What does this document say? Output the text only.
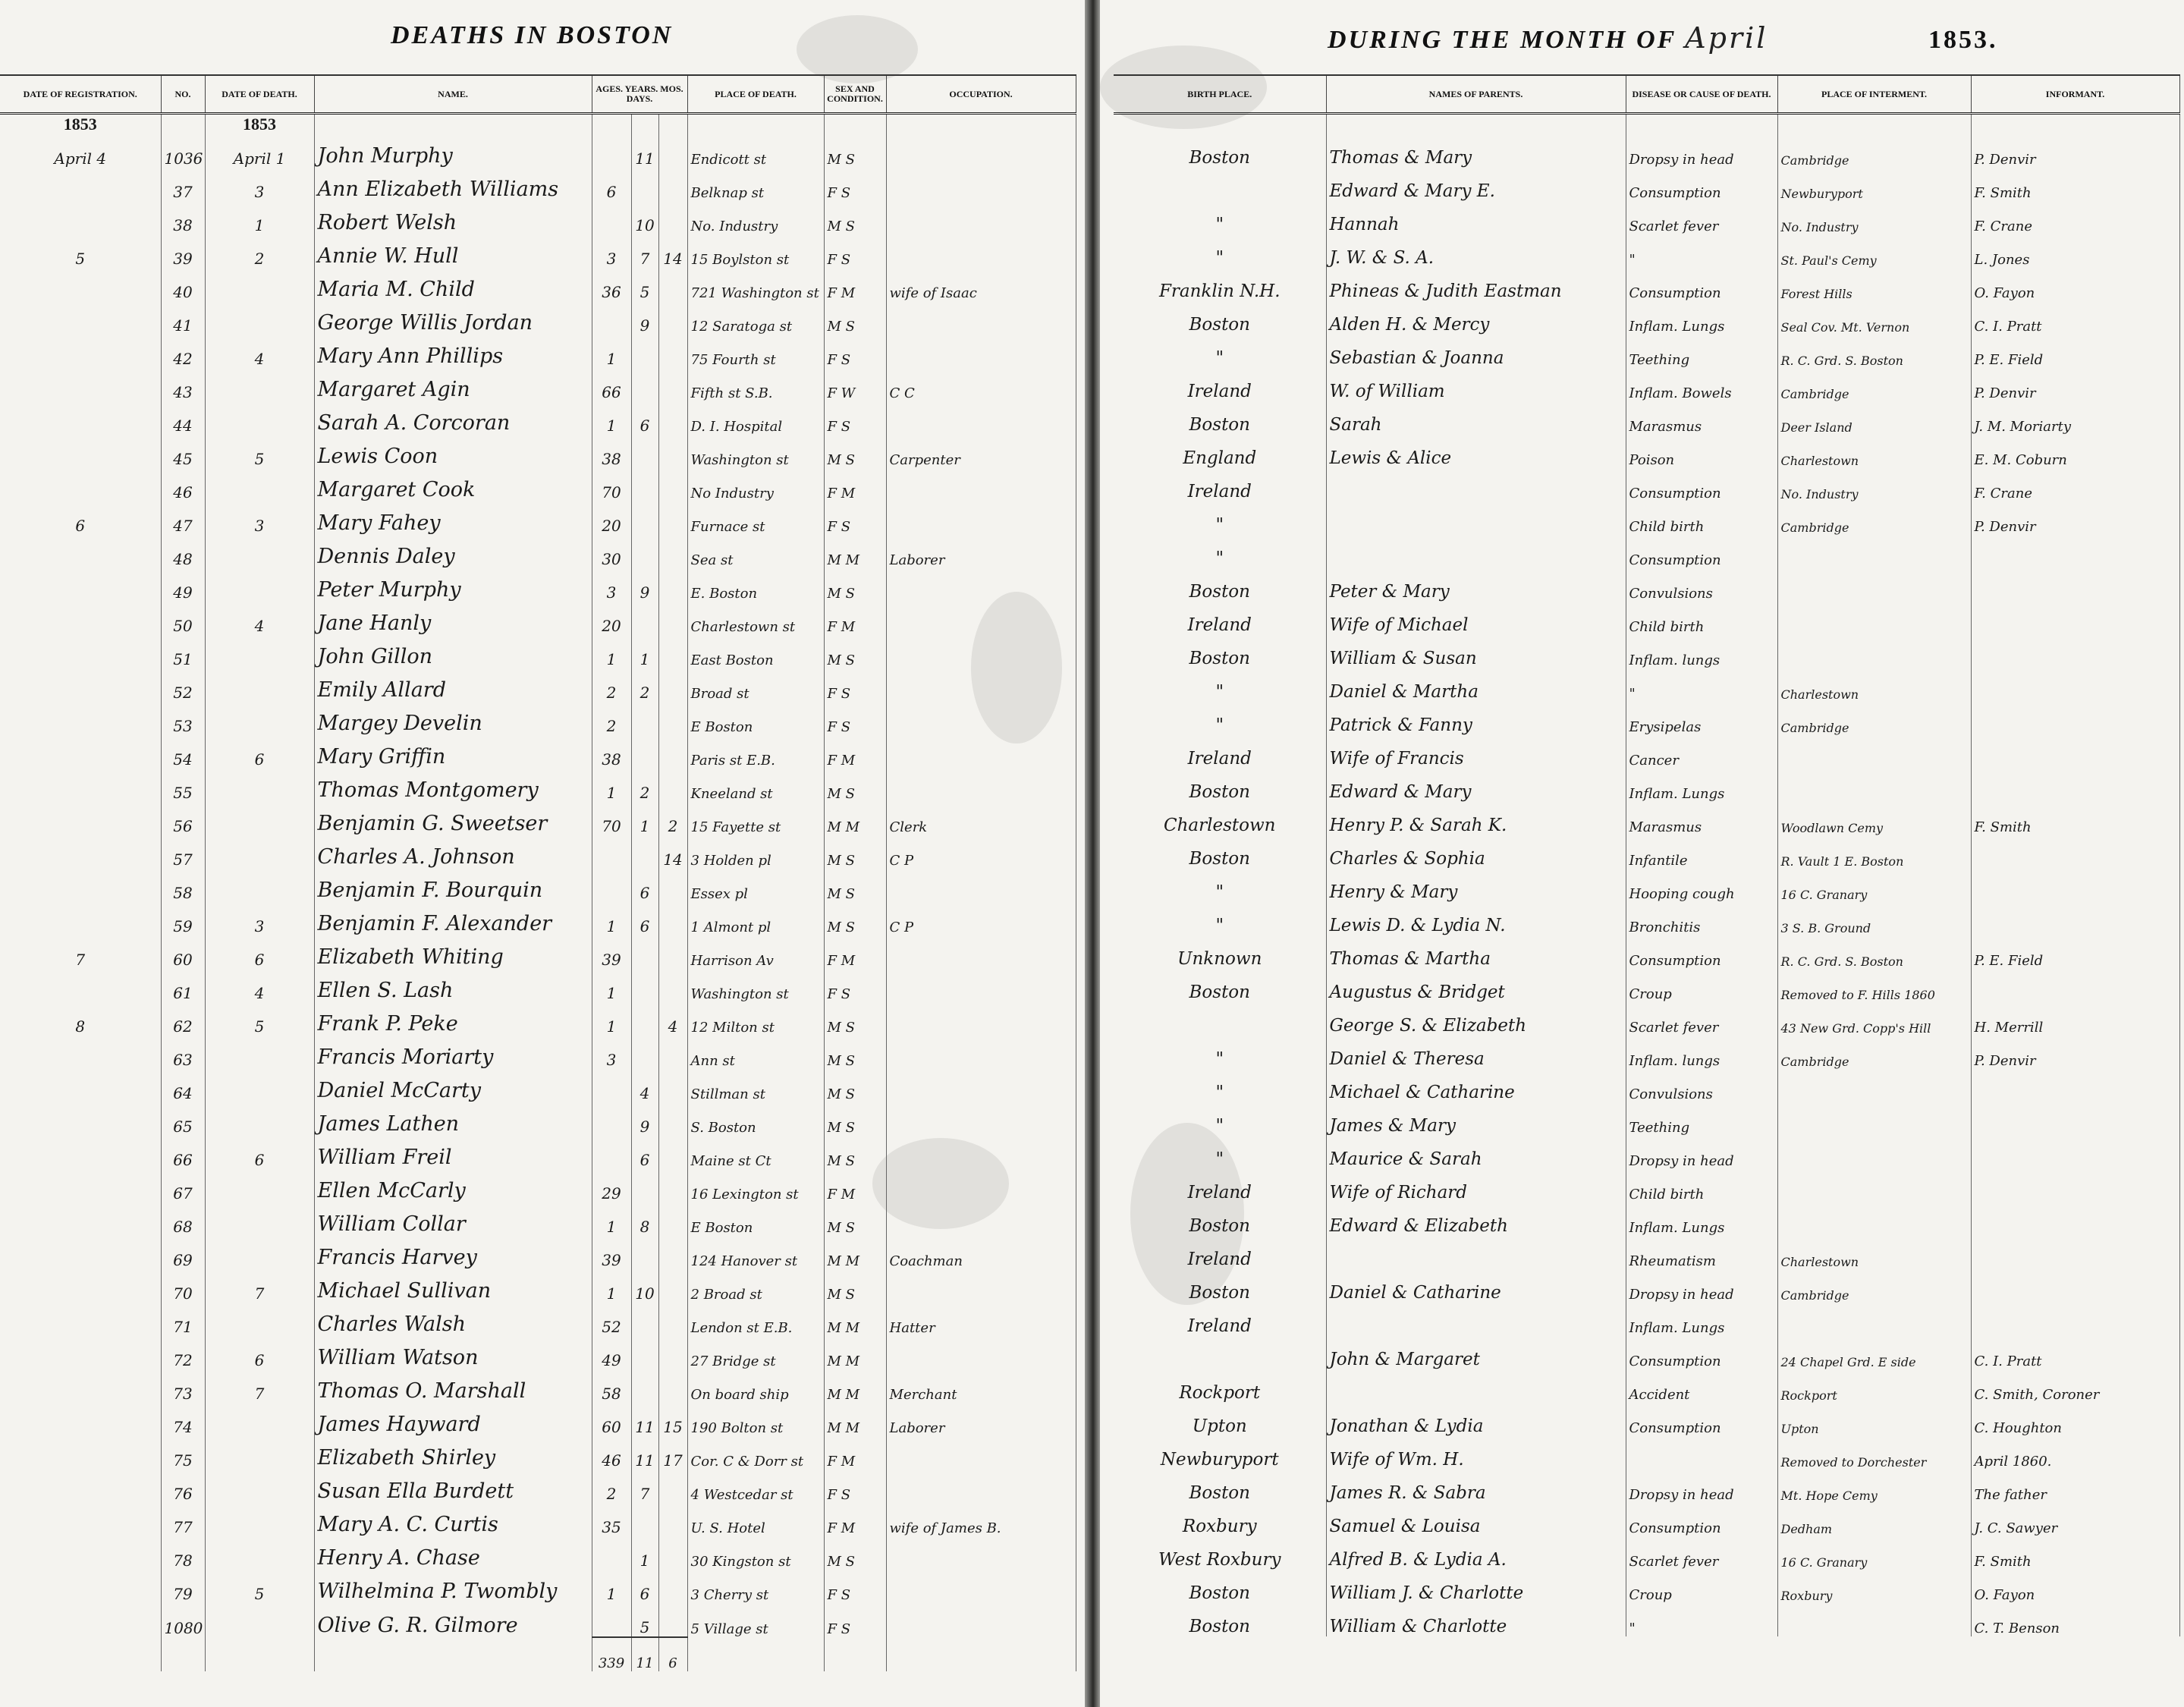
DEATHS IN BOSTON
DATE OF REGISTRATION.	NO.	DATE OF DEATH.	NAME.	AGES. YEARS. MOS. DAYS.			PLACE OF DEATH.	SEX AND CONDITION.	OCCUPATION.
1853		1853							
April 4	1036	April 1	John Murphy		11		Endicott st	M S	
	37	3	Ann Elizabeth Williams	6			Belknap st	F S	
	38	1	Robert Welsh		10		No. Industry	M S	
5	39	2	Annie W. Hull	3	7	14	15 Boylston st	F S	
	40		Maria M. Child	36	5		721 Washington st	F M	wife of Isaac
	41		George Willis Jordan		9		12 Saratoga st	M S	
	42	4	Mary Ann Phillips	1			75 Fourth st	F S	
	43		Margaret Agin	66			Fifth st S.B.	F W	C C
	44		Sarah A. Corcoran	1	6		D. I. Hospital	F S	
	45	5	Lewis Coon	38			Washington st	M S	Carpenter
	46		Margaret Cook	70			No Industry	F M	
6	47	3	Mary Fahey	20			Furnace st	F S	
	48		Dennis Daley	30			Sea st	M M	Laborer
	49		Peter Murphy	3	9		E. Boston	M S	
	50	4	Jane Hanly	20			Charlestown st	F M	
	51		John Gillon	1	1		East Boston	M S	
	52		Emily Allard	2	2		Broad st	F S	
	53		Margey Develin	2			E Boston	F S	
	54	6	Mary Griffin	38			Paris st E.B.	F M	
	55		Thomas Montgomery	1	2		Kneeland st	M S	
	56		Benjamin G. Sweetser	70	1	2	15 Fayette st	M M	Clerk
	57		Charles A. Johnson			14	3 Holden pl	M S	C P
	58		Benjamin F. Bourquin		6		Essex pl	M S	
	59	3	Benjamin F. Alexander	1	6		1 Almont pl	M S	C P
7	60	6	Elizabeth Whiting	39			Harrison Av	F M	
	61	4	Ellen S. Lash	1			Washington st	F S	
8	62	5	Frank P. Peke	1		4	12 Milton st	M S	
	63		Francis Moriarty	3			Ann st	M S	
	64		Daniel McCarty		4		Stillman st	M S	
	65		James Lathen		9		S. Boston	M S	
	66	6	William Freil		6		Maine st Ct	M S	
	67		Ellen McCarly	29			16 Lexington st	F M	
	68		William Collar	1	8		E Boston	M S	
	69		Francis Harvey	39			124 Hanover st	M M	Coachman
	70	7	Michael Sullivan	1	10		2 Broad st	M S	
	71		Charles Walsh	52			Lendon st E.B.	M M	Hatter
	72	6	William Watson	49			27 Bridge st	M M	
	73	7	Thomas O. Marshall	58			On board ship	M M	Merchant
	74		James Hayward	60	11	15	190 Bolton st	M M	Laborer
	75		Elizabeth Shirley	46	11	17	Cor. C & Dorr st	F M	
	76		Susan Ella Burdett	2	7		4 Westcedar st	F S	
	77		Mary A. C. Curtis	35			U. S. Hotel	F M	wife of James B.
	78		Henry A. Chase		1		30 Kingston st	M S	
	79	5	Wilhelmina P. Twombly	1	6		3 Cherry st	F S	
	1080		Olive G. R. Gilmore		5		5 Village st	F S	
				339	11	6			
DURING THE MONTH OF April	1853.
BIRTH PLACE.	NAMES OF PARENTS.	DISEASE OR CAUSE OF DEATH.	PLACE OF INTERMENT.	INFORMANT.

Boston	Thomas & Mary	Dropsy in head	Cambridge	P. Denvir
	Edward & Mary E.	Consumption	Newburyport	F. Smith
"	Hannah	Scarlet fever	No. Industry	F. Crane
"	J. W. & S. A.	"	St. Paul's Cemy	L. Jones
Franklin N.H.	Phineas & Judith Eastman	Consumption	Forest Hills	O. Fayon
Boston	Alden H. & Mercy	Inflam. Lungs	Seal Cov. Mt. Vernon	C. I. Pratt
"	Sebastian & Joanna	Teething	R. C. Grd. S. Boston	P. E. Field
Ireland	W. of William	Inflam. Bowels	Cambridge	P. Denvir
Boston	Sarah	Marasmus	Deer Island	J. M. Moriarty
England	Lewis & Alice	Poison	Charlestown	E. M. Coburn
Ireland		Consumption	No. Industry	F. Crane
"		Child birth	Cambridge	P. Denvir
"		Consumption		
Boston	Peter & Mary	Convulsions		
Ireland	Wife of Michael	Child birth		
Boston	William & Susan	Inflam. lungs		
"	Daniel & Martha	"	Charlestown	
"	Patrick & Fanny	Erysipelas	Cambridge	
Ireland	Wife of Francis	Cancer		
Boston	Edward & Mary	Inflam. Lungs		
Charlestown	Henry P. & Sarah K.	Marasmus	Woodlawn Cemy	F. Smith
Boston	Charles & Sophia	Infantile	R. Vault 1 E. Boston	
"	Henry & Mary	Hooping cough	16 C. Granary	
"	Lewis D. & Lydia N.	Bronchitis	3 S. B. Ground	
Unknown	Thomas & Martha	Consumption	R. C. Grd. S. Boston	P. E. Field
Boston	Augustus & Bridget	Croup	Removed to F. Hills 1860	
	George S. & Elizabeth	Scarlet fever	43 New Grd. Copp's Hill	H. Merrill
"	Daniel & Theresa	Inflam. lungs	Cambridge	P. Denvir
"	Michael & Catharine	Convulsions		
"	James & Mary	Teething		
"	Maurice & Sarah	Dropsy in head		
Ireland	Wife of Richard	Child birth		
Boston	Edward & Elizabeth	Inflam. Lungs		
Ireland		Rheumatism	Charlestown	
Boston	Daniel & Catharine	Dropsy in head	Cambridge	
Ireland		Inflam. Lungs		
	John & Margaret	Consumption	24 Chapel Grd. E side	C. I. Pratt
Rockport		Accident	Rockport	C. Smith, Coroner
Upton	Jonathan & Lydia	Consumption	Upton	C. Houghton
Newburyport	Wife of Wm. H.		Removed to Dorchester	April 1860.
Boston	James R. & Sabra	Dropsy in head	Mt. Hope Cemy	The father
Roxbury	Samuel & Louisa	Consumption	Dedham	J. C. Sawyer
West Roxbury	Alfred B. & Lydia A.	Scarlet fever	16 C. Granary	F. Smith
Boston	William J. & Charlotte	Croup	Roxbury	O. Fayon
Boston	William & Charlotte	"		C. T. Benson
